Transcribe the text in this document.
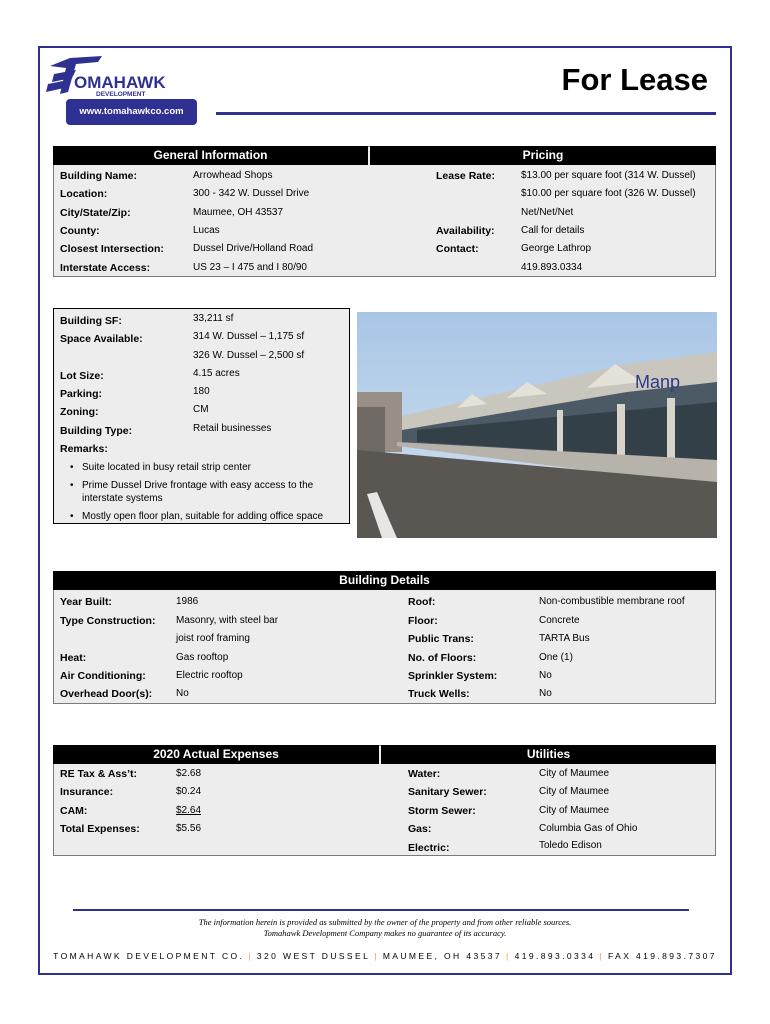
OMAHAWK
DEVELOPMENT
www.tomahawkco.com
For Lease
General Information	Pricing
Building Name:	Arrowhead Shops
Location:	300 - 342 W. Dussel Drive
City/State/Zip:	Maumee, OH 43537
County:	Lucas
Closest Intersection:	Dussel Drive/Holland Road
Interstate Access:	US 23 – I 475 and I 80/90
Lease Rate:	$13.00 per square foot (314 W. Dussel)
$10.00 per square foot (326 W. Dussel)
Net/Net/Net
Availability:	Call for details
Contact:	George Lathrop
419.893.0334
Building SF:	33,211 sf
Space Available:	314 W. Dussel – 1,175 sf
326 W. Dussel – 2,500 sf
Lot Size:	4.15 acres
Parking:	180
Zoning:	CM
Building Type:	Retail businesses
Remarks:
• Suite located in busy retail strip center
• Prime Dussel Drive frontage with easy access to the interstate systems
• Mostly open floor plan, suitable for adding office space
Manp
Building Details
Year Built:	1986
Type Construction: Masonry, with steel bar
joist roof framing
Heat:	Gas rooftop
Air Conditioning:	Electric rooftop
Overhead Door(s): No
Roof:	Non-combustible membrane roof
Floor:	Concrete
Public Trans:	TARTA Bus
No. of Floors:	One (1)
Sprinkler System:	No
Truck Wells:	No
2020 Actual Expenses	Utilities
RE Tax & Ass’t:	$2.68
Insurance:	$0.24
CAM:	$2.64
Total Expenses:	$5.56
Water:	City of Maumee
Sanitary Sewer:	City of Maumee
Storm Sewer:	City of Maumee
Gas:	Columbia Gas of Ohio
Electric:	Toledo Edison
The information herein is provided as submitted by the owner of the property and from other reliable sources.
Tomahawk Development Company makes no guarantee of its accuracy.
TOMAHAWK DEVELOPMENT CO. | 320 WEST DUSSEL | MAUMEE, OH 43537 | 419.893.0334 | FAX 419.893.7307
